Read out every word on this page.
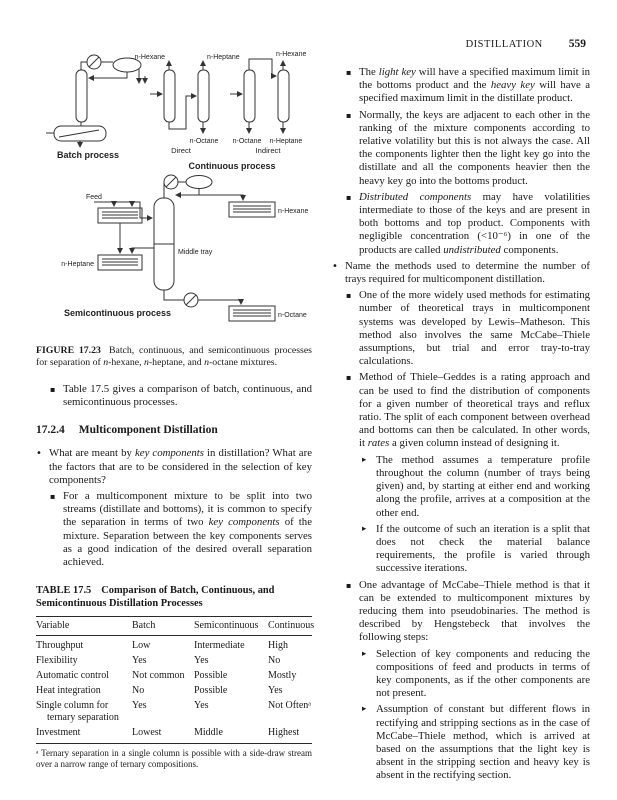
Batch process
n-Hexane	n-Heptane
n-Octane
Direct
n-Hexane
n-Octane n-Heptane
Indirect
Continuous process
Feed
n-Hexane
Middle tray
n-Heptane
n-Octane
Semicontinuous process
FIGURE 17.23 Batch, continuous, and semicontinuous processes for separation of n-hexane, n-heptane, and n-octane mixtures.
▪ Table 17.5 gives a comparison of batch, continuous, and semicontinuous processes.
17.2.4 Multicomponent Distillation
• What are meant by key components in distillation? What are the factors that are to be considered in the selection of key components?
▪ For a multicomponent mixture to be split into two streams (distillate and bottoms), it is common to specify the separation in terms of two key components of the mixture. Separation between the key components serves as a good indication of the desired overall separation achieved.
TABLE 17.5 Comparison of Batch, Continuous, and Semicontinuous Distillation Processes
Variable	Batch	Semicontinuous	Continuous
Throughput	Low	Intermediate	High
Flexibility	Yes	Yes	No
Automatic control	Not common	Possible	Mostly
Heat integration	No	Possible	Yes
Single column for ternary separation	Yes	Yes	Not Oftenᵃ
Investment	Lowest	Middle	Highest
ᵃ Ternary separation in a single column is possible with a side-draw stream over a narrow range of ternary compositions.
DISTILLATION 559
▪ The light key will have a specified maximum limit in the bottoms product and the heavy key will have a specified maximum limit in the distillate product.
▪ Normally, the keys are adjacent to each other in the ranking of the mixture components according to relative volatility but this is not always the case. All the components lighter then the light key go into the distillate and all the components heavier then the heavy key go into the bottoms product.
▪ Distributed components may have volatilities intermediate to those of the keys and are present in both bottoms and top product. Components with negligible concentration (<10⁻⁶) in one of the products are called undistributed components.
• Name the methods used to determine the number of trays required for multicomponent distillation.
▪ One of the more widely used methods for estimating number of theoretical trays in multicomponent systems was developed by Lewis–Matheson. This method also involves the same McCabe–Thiele assumptions, but trial and error tray-to-tray calculations.
▪ Method of Thiele–Geddes is a rating approach and can be used to find the distribution of components for a given number of theoretical trays and reflux ratio. The split of each component between overhead and bottoms can then be calculated. In other words, it rates a given column instead of designing it.
▸ The method assumes a temperature profile throughout the column (number of trays being given) and, by starting at either end and working along the profile, arrives at a composition at the other end.
▸ If the outcome of such an iteration is a split that does not check the material balance requirements, the profile is varied through successive iterations.
▪ One advantage of McCabe–Thiele method is that it can be extended to multicomponent mixtures by reducing them into pseudobinaries. The method is described by Hengstebeck that involves the following steps:
▸ Selection of key components and reducing the compositions of feed and products in terms of key components, as if the other components are not present.
▸ Assumption of constant but different flows in rectifying and stripping sections as in the case of McCabe–Thiele method, which is arrived at based on the assumptions that the light key is absent in the stripping section and heavy key is absent in the rectifying section.
